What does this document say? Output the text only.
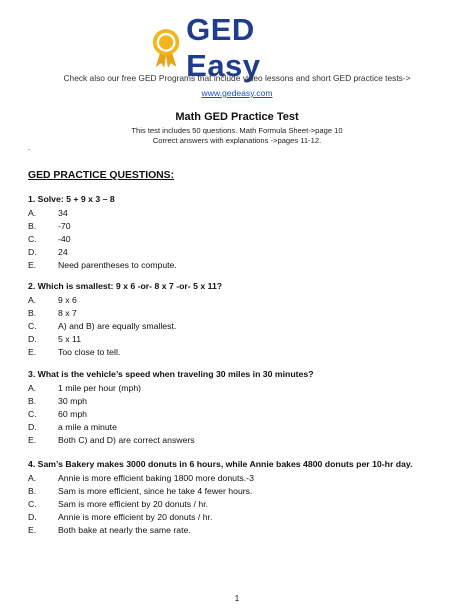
GED Easy
Check also our free GED Programs that include video lessons and short GED practice tests->
www.gedeasy.com
Math GED Practice Test
This test includes 50 questions. Math Formula Sheet->page 10
Correct answers with explanations ->pages 11-12.
.
GED PRACTICE QUESTIONS:
1. Solve: 5 + 9 x 3 – 8
A.	34
B.	-70
C.	-40
D.	24
E.	Need parentheses to compute.
2. Which is smallest: 9 x 6 -or- 8 x 7 -or- 5 x 11?
A.	9 x 6
B.	8 x 7
C.	A) and B) are equally smallest.
D.	5 x 11
E.	Too close to tell.
3. What is the vehicle’s speed when traveling 30 miles in 30 minutes?
A.	1 mile per hour (mph)
B.	30 mph
C.	60 mph
D.	a mile a minute
E.	Both C) and D) are correct answers
4. Sam’s Bakery makes 3000 donuts in 6 hours, while Annie bakes 4800 donuts per 10-hr day.
A.	Annie is more efficient baking 1800 more donuts.-3
B.	Sam is more efficient, since he take 4 fewer hours.
C.	Sam is more efficient by 20 donuts / hr.
D.	Annie is more efficient by 20 donuts / hr.
E.	Both bake at nearly the same rate.
1
